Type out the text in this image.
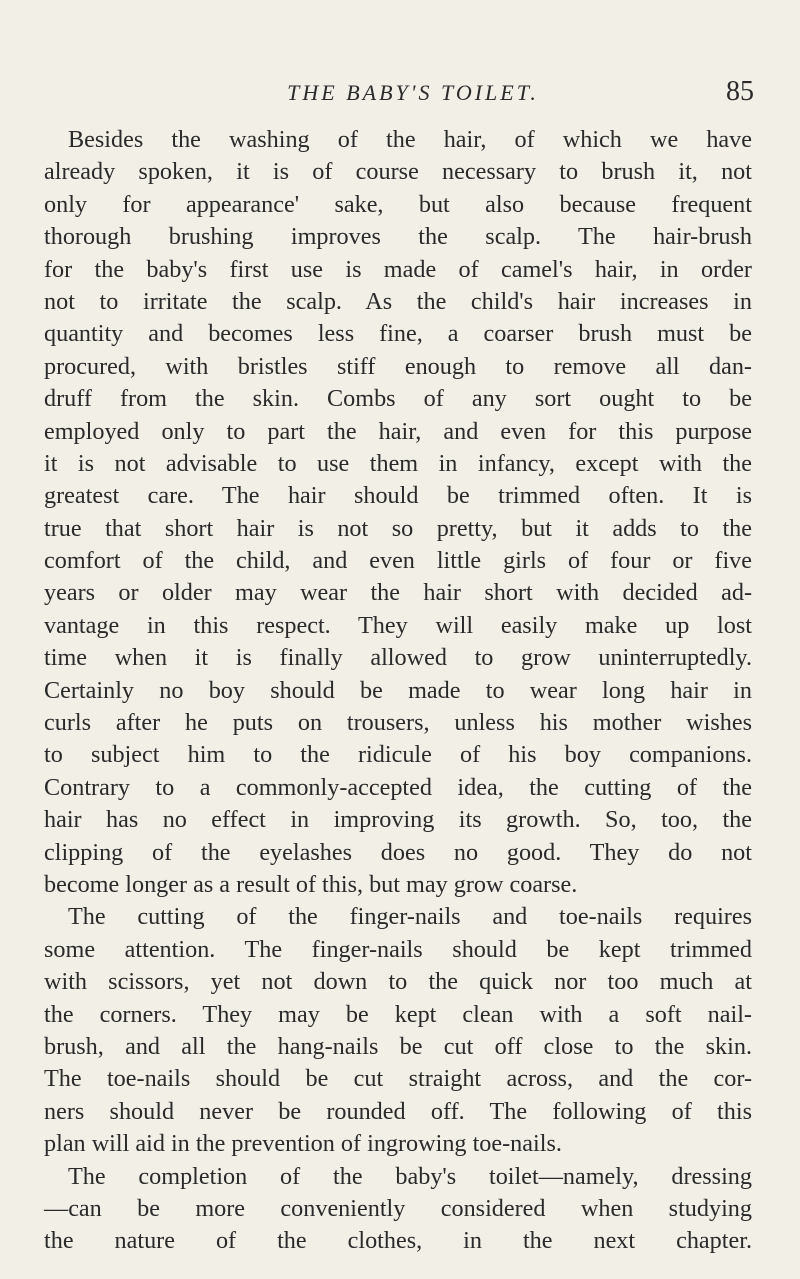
THE BABY'S TOILET.	85
Besides the washing of the hair, of which we have
already spoken, it is of course necessary to brush it, not
only for appearance' sake, but also because frequent
thorough brushing improves the scalp. The hair-brush
for the baby's first use is made of camel's hair, in order
not to irritate the scalp. As the child's hair increases in
quantity and becomes less fine, a coarser brush must be
procured, with bristles stiff enough to remove all dan-
druff from the skin. Combs of any sort ought to be
employed only to part the hair, and even for this purpose
it is not advisable to use them in infancy, except with the
greatest care. The hair should be trimmed often. It is
true that short hair is not so pretty, but it adds to the
comfort of the child, and even little girls of four or five
years or older may wear the hair short with decided ad-
vantage in this respect. They will easily make up lost
time when it is finally allowed to grow uninterruptedly.
Certainly no boy should be made to wear long hair in
curls after he puts on trousers, unless his mother wishes
to subject him to the ridicule of his boy companions.
Contrary to a commonly-accepted idea, the cutting of the
hair has no effect in improving its growth. So, too, the
clipping of the eyelashes does no good. They do not
become longer as a result of this, but may grow coarse.
The cutting of the finger-nails and toe-nails requires
some attention. The finger-nails should be kept trimmed
with scissors, yet not down to the quick nor too much at
the corners. They may be kept clean with a soft nail-
brush, and all the hang-nails be cut off close to the skin.
The toe-nails should be cut straight across, and the cor-
ners should never be rounded off. The following of this
plan will aid in the prevention of ingrowing toe-nails.
The completion of the baby's toilet—namely, dressing
—can be more conveniently considered when studying
the nature of the clothes, in the next chapter.
